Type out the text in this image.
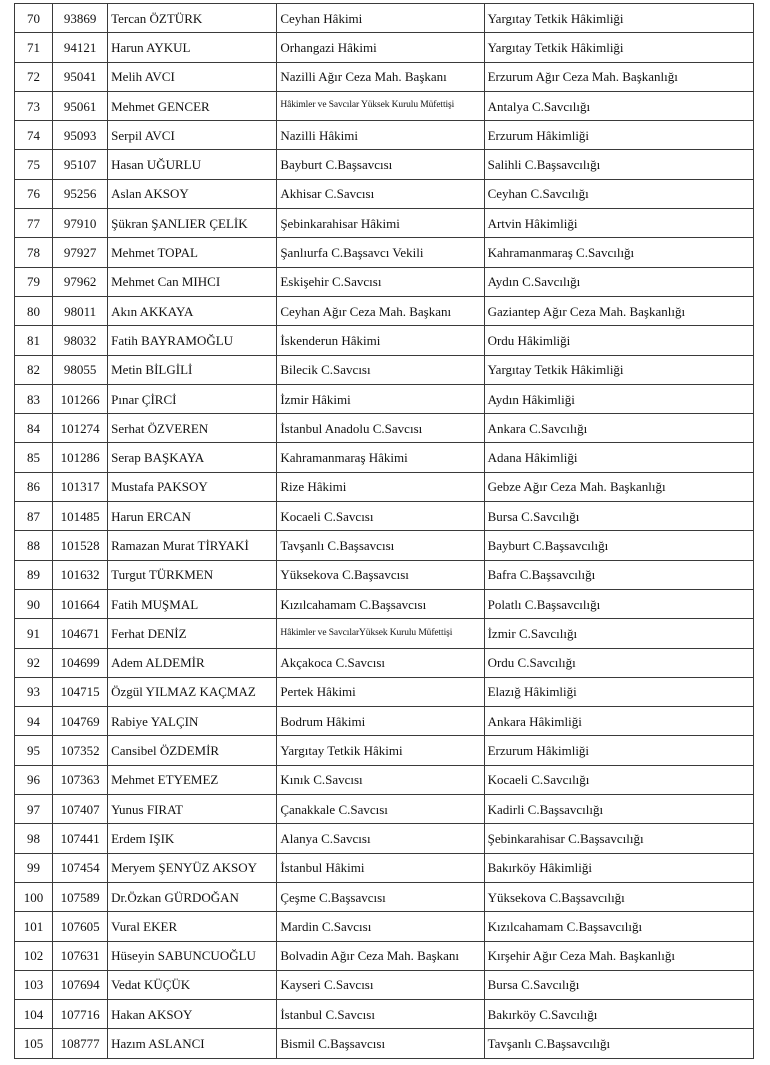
70	93869	Tercan ÖZTÜRK	Ceyhan Hâkimi	Yargıtay Tetkik Hâkimliği
71	94121	Harun AYKUL	Orhangazi Hâkimi	Yargıtay Tetkik Hâkimliği
72	95041	Melih AVCI	Nazilli Ağır Ceza Mah. Başkanı	Erzurum Ağır Ceza Mah. Başkanlığı
73	95061	Mehmet GENCER	Hâkimler ve Savcılar Yüksek Kurulu Müfettişi	Antalya C.Savcılığı
74	95093	Serpil AVCI	Nazilli Hâkimi	Erzurum Hâkimliği
75	95107	Hasan UĞURLU	Bayburt C.Başsavcısı	Salihli C.Başsavcılığı
76	95256	Aslan AKSOY	Akhisar C.Savcısı	Ceyhan C.Savcılığı
77	97910	Şükran ŞANLIER ÇELİK	Şebinkarahisar Hâkimi	Artvin Hâkimliği
78	97927	Mehmet TOPAL	Şanlıurfa C.Başsavcı Vekili	Kahramanmaraş C.Savcılığı
79	97962	Mehmet Can MIHCI	Eskişehir C.Savcısı	Aydın C.Savcılığı
80	98011	Akın AKKAYA	Ceyhan Ağır Ceza Mah. Başkanı	Gaziantep Ağır Ceza Mah. Başkanlığı
81	98032	Fatih BAYRAMOĞLU	İskenderun Hâkimi	Ordu Hâkimliği
82	98055	Metin BİLGİLİ	Bilecik C.Savcısı	Yargıtay Tetkik Hâkimliği
83	101266	Pınar ÇİRCİ	İzmir Hâkimi	Aydın Hâkimliği
84	101274	Serhat ÖZVEREN	İstanbul Anadolu C.Savcısı	Ankara C.Savcılığı
85	101286	Serap BAŞKAYA	Kahramanmaraş Hâkimi	Adana Hâkimliği
86	101317	Mustafa PAKSOY	Rize Hâkimi	Gebze Ağır Ceza Mah. Başkanlığı
87	101485	Harun ERCAN	Kocaeli C.Savcısı	Bursa C.Savcılığı
88	101528	Ramazan Murat TİRYAKİ	Tavşanlı C.Başsavcısı	Bayburt C.Başsavcılığı
89	101632	Turgut TÜRKMEN	Yüksekova C.Başsavcısı	Bafra C.Başsavcılığı
90	101664	Fatih MUŞMAL	Kızılcahamam C.Başsavcısı	Polatlı C.Başsavcılığı
91	104671	Ferhat DENİZ	Hâkimler ve SavcılarYüksek Kurulu Müfettişi	İzmir C.Savcılığı
92	104699	Adem ALDEMİR	Akçakoca C.Savcısı	Ordu C.Savcılığı
93	104715	Özgül YILMAZ KAÇMAZ	Pertek Hâkimi	Elazığ Hâkimliği
94	104769	Rabiye YALÇIN	Bodrum Hâkimi	Ankara Hâkimliği
95	107352	Cansibel ÖZDEMİR	Yargıtay Tetkik Hâkimi	Erzurum Hâkimliği
96	107363	Mehmet ETYEMEZ	Kınık C.Savcısı	Kocaeli C.Savcılığı
97	107407	Yunus FIRAT	Çanakkale C.Savcısı	Kadirli C.Başsavcılığı
98	107441	Erdem IŞIK	Alanya C.Savcısı	Şebinkarahisar C.Başsavcılığı
99	107454	Meryem ŞENYÜZ AKSOY	İstanbul Hâkimi	Bakırköy Hâkimliği
100	107589	Dr.Özkan GÜRDOĞAN	Çeşme C.Başsavcısı	Yüksekova C.Başsavcılığı
101	107605	Vural EKER	Mardin C.Savcısı	Kızılcahamam C.Başsavcılığı
102	107631	Hüseyin SABUNCUOĞLU	Bolvadin Ağır Ceza Mah. Başkanı	Kırşehir Ağır Ceza Mah. Başkanlığı
103	107694	Vedat KÜÇÜK	Kayseri C.Savcısı	Bursa C.Savcılığı
104	107716	Hakan AKSOY	İstanbul C.Savcısı	Bakırköy C.Savcılığı
105	108777	Hazım ASLANCI	Bismil C.Başsavcısı	Tavşanlı C.Başsavcılığı
